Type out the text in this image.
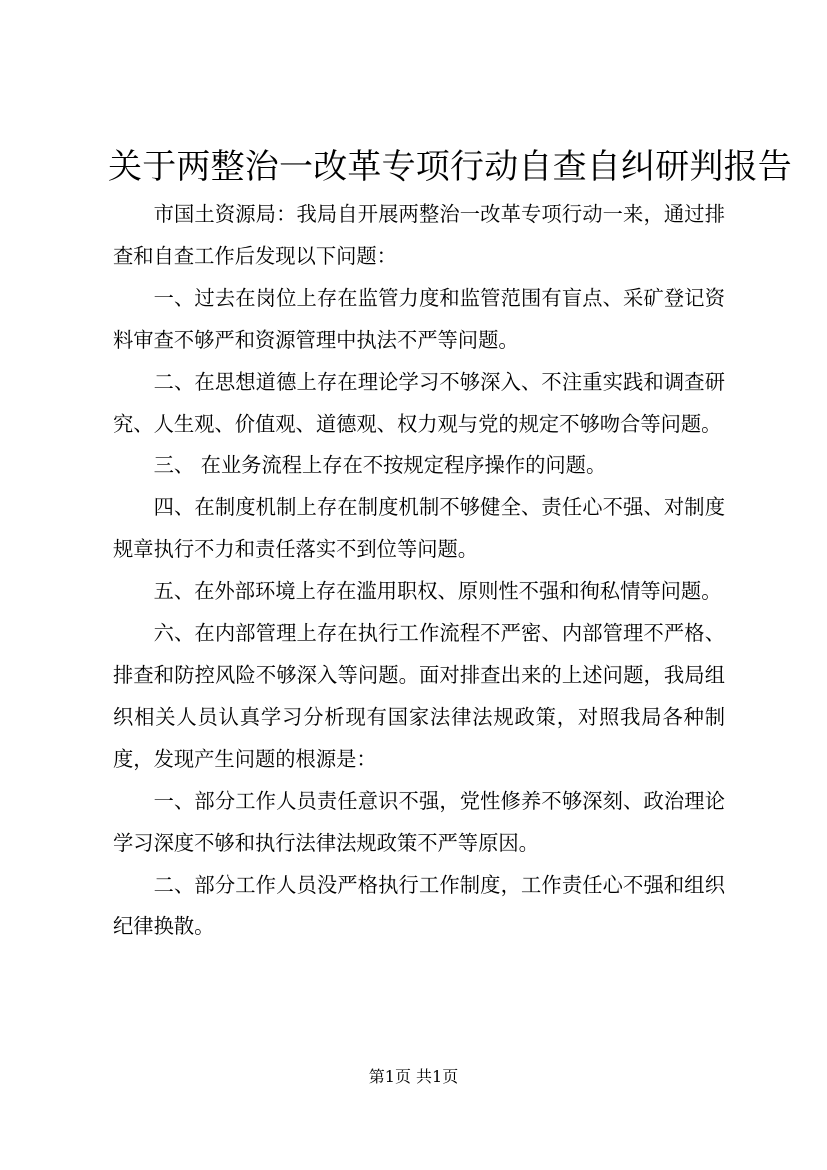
关于两整治一改革专项行动自查自纠研判报告

市国土资源局：我局自开展两整治一改革专项行动一来，通过排查和自查工作后发现以下问题：

一、过去在岗位上存在监管力度和监管范围有盲点、采矿登记资料审查不够严和资源管理中执法不严等问题。

二、在思想道德上存在理论学习不够深入、不注重实践和调查研究、人生观、价值观、道德观、权力观与党的规定不够吻合等问题。

三、 在业务流程上存在不按规定程序操作的问题。

四、在制度机制上存在制度机制不够健全、责任心不强、对制度规章执行不力和责任落实不到位等问题。

五、在外部环境上存在滥用职权、原则性不强和徇私情等问题。

六、在内部管理上存在执行工作流程不严密、内部管理不严格、排查和防控风险不够深入等问题。面对排查出来的上述问题，我局组织相关人员认真学习分析现有国家法律法规政策，对照我局各种制度，发现产生问题的根源是：

一、部分工作人员责任意识不强，党性修养不够深刻、政治理论学习深度不够和执行法律法规政策不严等原因。

二、部分工作人员没严格执行工作制度，工作责任心不强和组织纪律换散。

第1页 共1页
